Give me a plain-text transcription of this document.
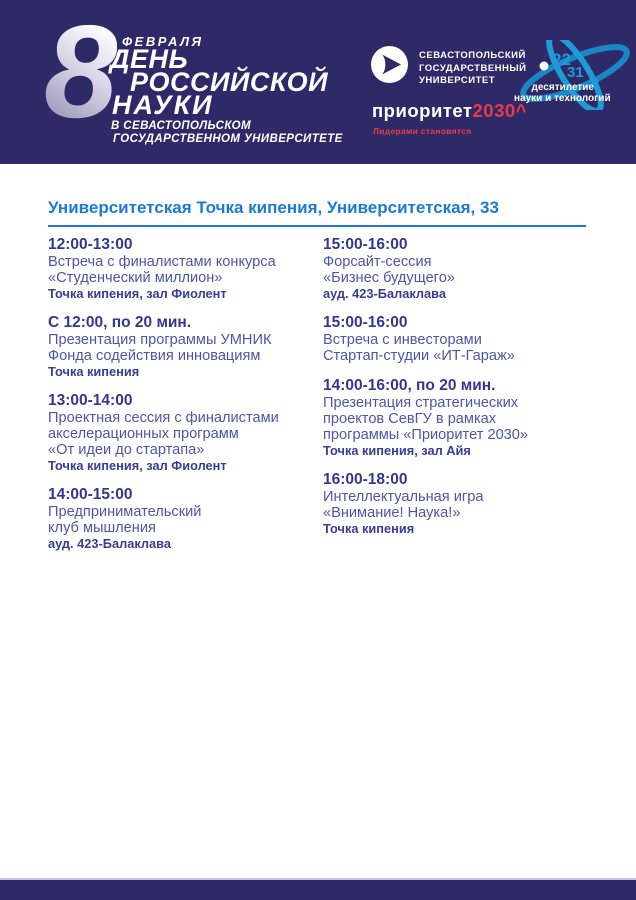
8 ФЕВРАЛЯ
ДЕНЬ
РОССИЙСКОЙ
НАУКИ
В СЕВАСТОПОЛЬСКОМ
ГОСУДАРСТВЕННОМ УНИВЕРСИТЕТЕ
СЕВАСТОПОЛЬСКИЙ
ГОСУДАРСТВЕННЫЙ
УНИВЕРСИТЕТ
приоритет2030^
Лидерами становятся
22
31
десятилетие
науки и технологий
Университетская Точка кипения, Университетская, 33
12:00-13:00
Встреча с финалистами конкурса
«Студенческий миллион»
Точка кипения, зал Фиолент
С 12:00, по 20 мин.
Презентация программы УМНИК
Фонда содействия инновациям
Точка кипения
13:00-14:00
Проектная сессия с финалистами
акселерационных программ
«От идеи до стартапа»
Точка кипения, зал Фиолент
14:00-15:00
Предпринимательский
клуб мышления
ауд. 423-Балаклава
15:00-16:00
Форсайт-сессия
«Бизнес будущего»
ауд. 423-Балаклава
15:00-16:00
Встреча с инвесторами
Стартап-студии «ИТ-Гараж»
14:00-16:00, по 20 мин.
Презентация стратегических
проектов СевГУ в рамках
программы «Приоритет 2030»
Точка кипения, зал Айя
16:00-18:00
Интеллектуальная игра
«Внимание! Наука!»
Точка кипения
